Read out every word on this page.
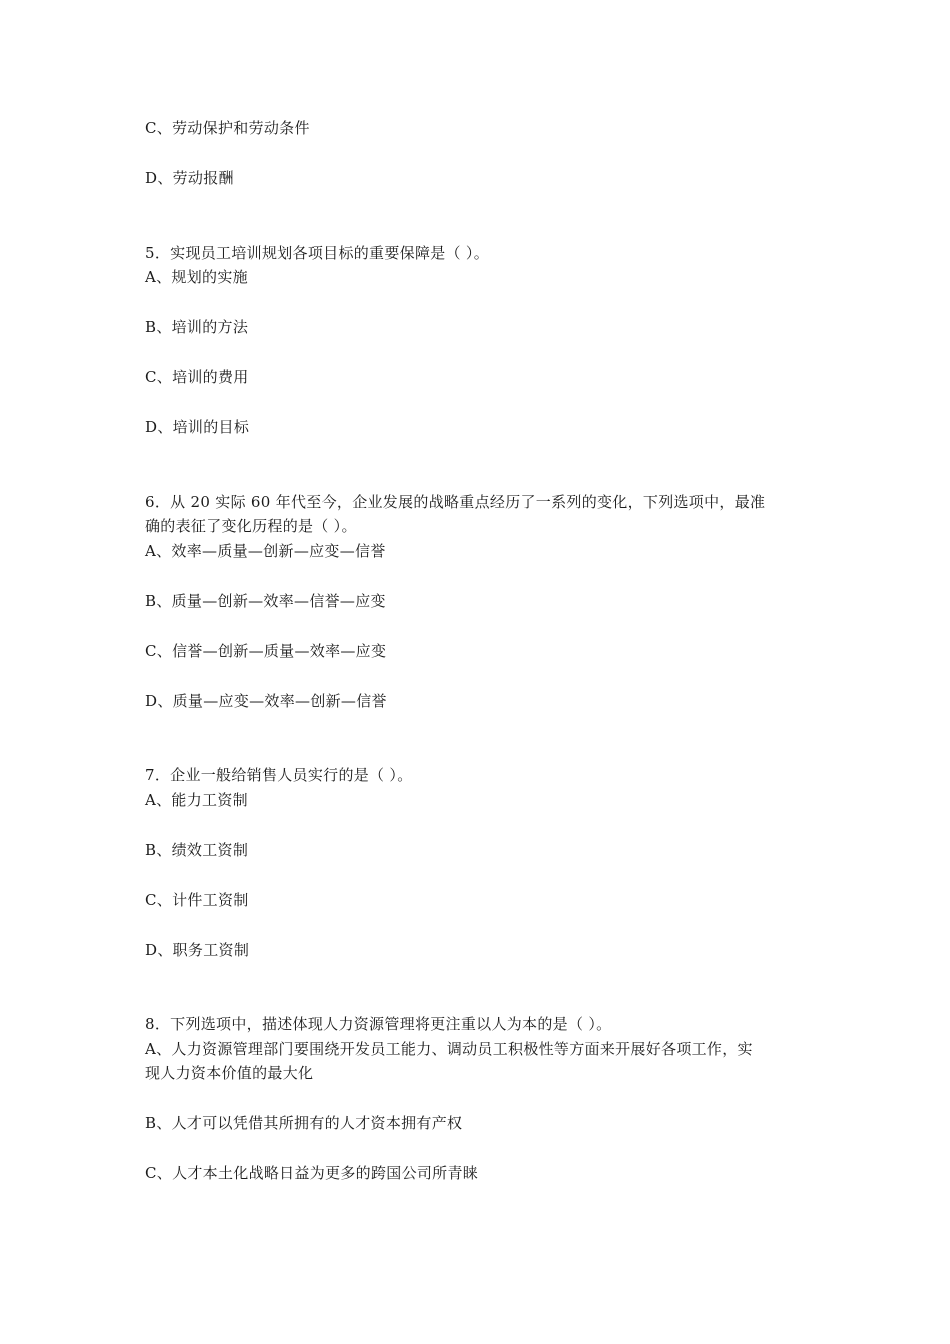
C、劳动保护和劳动条件
D、劳动报酬
5．实现员工培训规划各项目标的重要保障是（ ）。
A、规划的实施
B、培训的方法
C、培训的费用
D、培训的目标
6．从 20 实际 60 年代至今，企业发展的战略重点经历了一系列的变化，下列选项中，最准
确的表征了变化历程的是（ ）。
A、效率—质量—创新—应变—信誉
B、质量—创新—效率—信誉—应变
C、信誉—创新—质量—效率—应变
D、质量—应变—效率—创新—信誉
7．企业一般给销售人员实行的是（ ）。
A、能力工资制
B、绩效工资制
C、计件工资制
D、职务工资制
8．下列选项中，描述体现人力资源管理将更注重以人为本的是（ ）。
A、人力资源管理部门要围绕开发员工能力、调动员工积极性等方面来开展好各项工作，实
现人力资本价值的最大化
B、人才可以凭借其所拥有的人才资本拥有产权
C、人才本土化战略日益为更多的跨国公司所青睐
